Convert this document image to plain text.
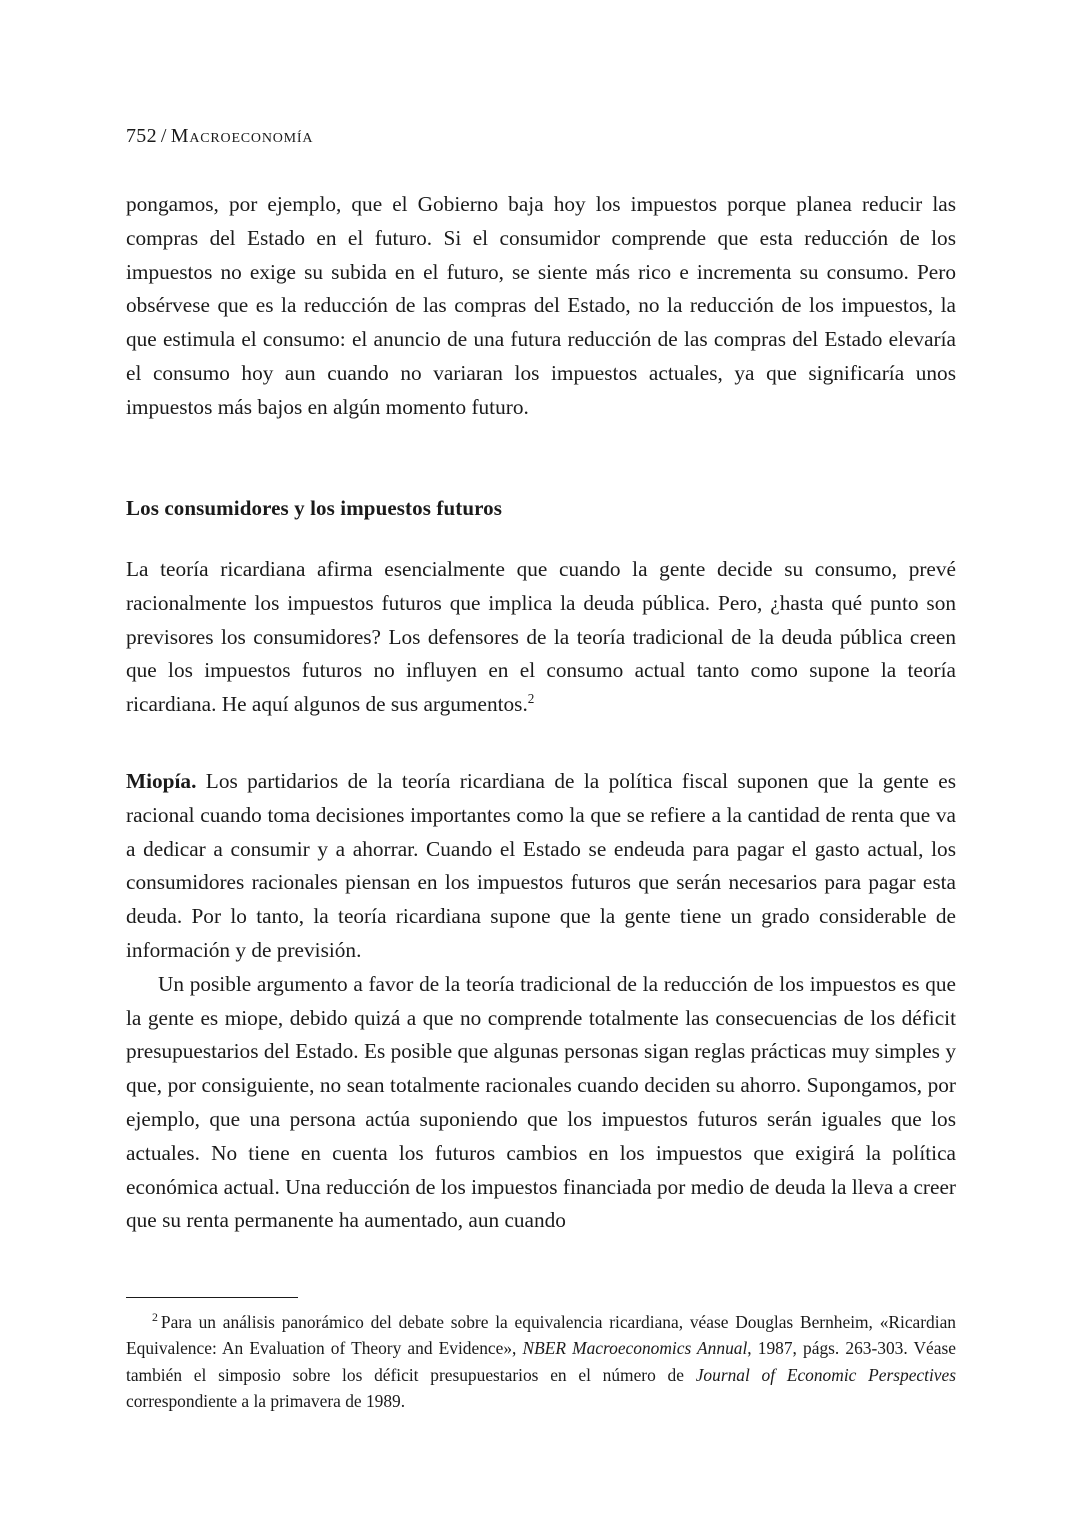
752 / Macroeconomía

pongamos, por ejemplo, que el Gobierno baja hoy los impuestos porque planea reducir las compras del Estado en el futuro. Si el consumidor comprende que esta reducción de los impuestos no exige su subida en el futuro, se siente más rico e incrementa su consumo. Pero obsérvese que es la reducción de las compras del Estado, no la reducción de los impuestos, la que estimula el consumo: el anuncio de una futura reducción de las compras del Estado elevaría el consumo hoy aun cuando no variaran los impuestos actuales, ya que significaría unos impuestos más bajos en algún momento futuro.

Los consumidores y los impuestos futuros

La teoría ricardiana afirma esencialmente que cuando la gente decide su consumo, prevé racionalmente los impuestos futuros que implica la deuda pública. Pero, ¿hasta qué punto son previsores los consumidores? Los defensores de la teoría tradicional de la deuda pública creen que los impuestos futuros no influyen en el consumo actual tanto como supone la teoría ricardiana. He aquí algunos de sus argumentos.$^2$

Miopía. Los partidarios de la teoría ricardiana de la política fiscal suponen que la gente es racional cuando toma decisiones importantes como la que se refiere a la cantidad de renta que va a dedicar a consumir y a ahorrar. Cuando el Estado se endeuda para pagar el gasto actual, los consumidores racionales piensan en los impuestos futuros que serán necesarios para pagar esta deuda. Por lo tanto, la teoría ricardiana supone que la gente tiene un grado considerable de información y de previsión.

Un posible argumento a favor de la teoría tradicional de la reducción de los impuestos es que la gente es miope, debido quizá a que no comprende totalmente las consecuencias de los déficit presupuestarios del Estado. Es posible que algunas personas sigan reglas prácticas muy simples y que, por consiguiente, no sean totalmente racionales cuando deciden su ahorro. Supongamos, por ejemplo, que una persona actúa suponiendo que los impuestos futuros serán iguales que los actuales. No tiene en cuenta los futuros cambios en los impuestos que exigirá la política económica actual. Una reducción de los impuestos financiada por medio de deuda la lleva a creer que su renta permanente ha aumentado, aun cuando

$^2$ Para un análisis panorámico del debate sobre la equivalencia ricardiana, véase Douglas Bernheim, «Ricardian Equivalence: An Evaluation of Theory and Evidence», NBER Macroeconomics Annual, 1987, págs. 263-303. Véase también el simposio sobre los déficit presupuestarios en el número de Journal of Economic Perspectives correspondiente a la primavera de 1989.
